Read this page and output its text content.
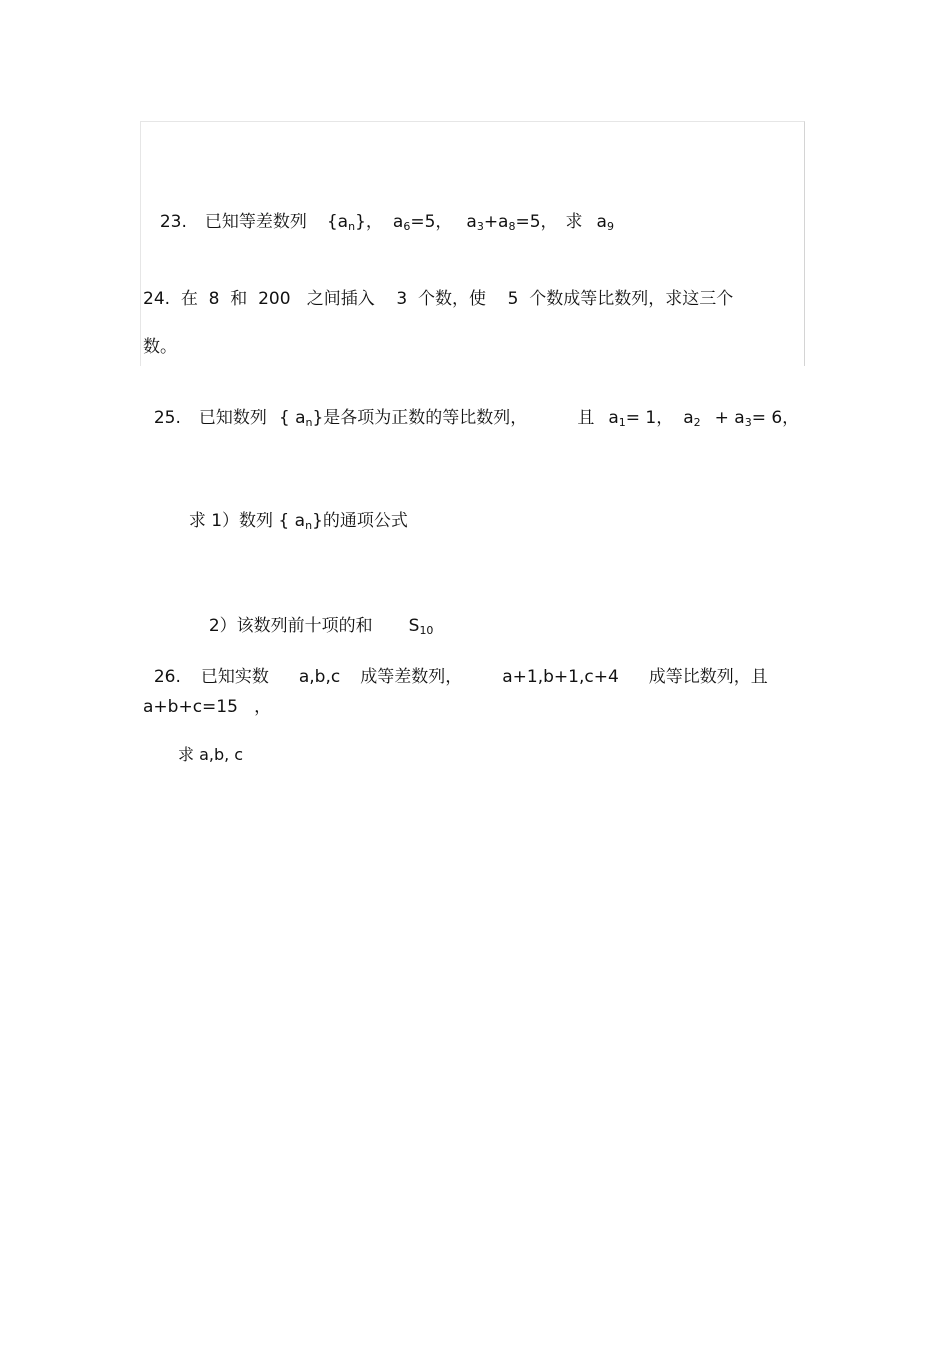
23. 已知等差数列 $\{a_n\}$， $a_6=5$， $a_3+a_8=5$， 求 $a_9$

24.  在  8  和  200   之间插入    3  个数，使    5  个数成等比数列，求这三个
数。

25. 已知数列 { $a_n$}是各项为正数的等比数列，	且 $a_1= 1$， $a_2 + a_3= 6$，

求 1）数列 { $a_n$}的通项公式

2）该数列前十项的和 $S_{10}$

26. 已知实数 a,b,c 成等差数列， a+1,b+1,c+4 成等比数列，且

a+b+c=15   ，
求 a,b, c
